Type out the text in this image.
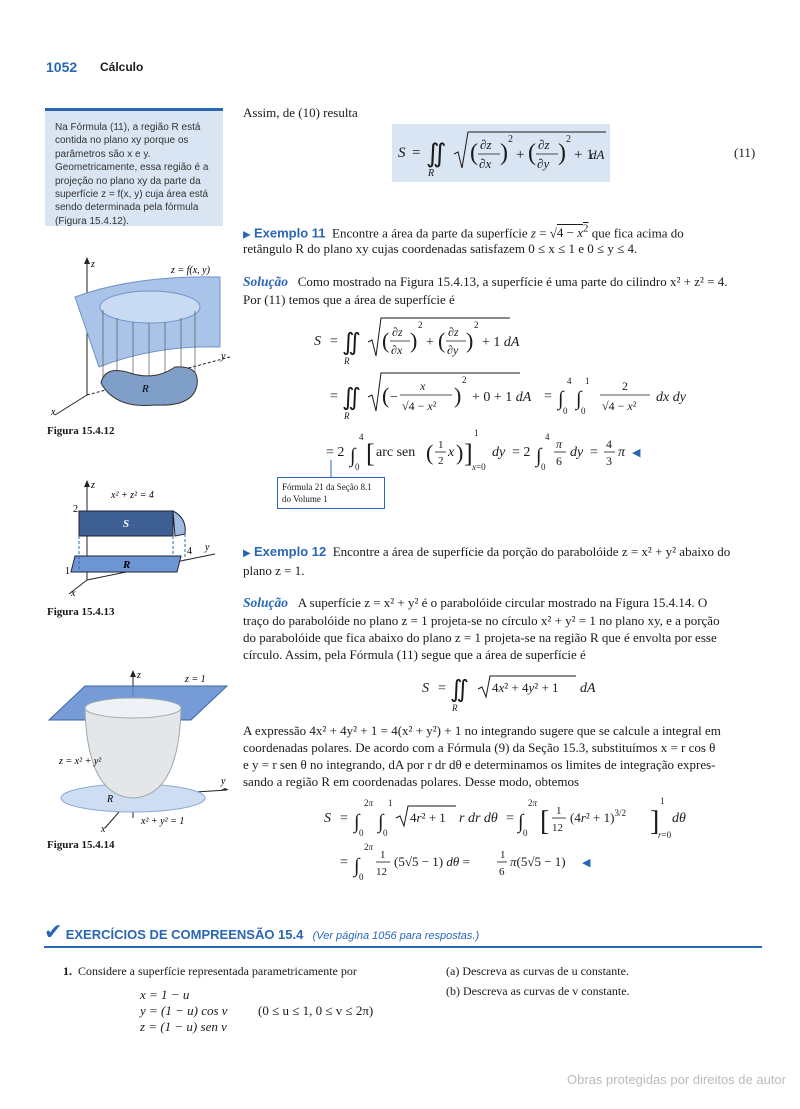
1052 Cálculo
Na Fórmula (11), a região R está contida no plano xy porque os parâmetros são x e y. Geometricamente, essa região é a projeção no plano xy da parte da superfície z = f(x, y) cuja área está sendo determinada pela fórmula (Figura 15.4.12).
Assim, de (10) resulta
S = ∬
R
( ∂z
∂x )
2
+ ( ∂z
∂y )
2
+ 1
dA	(11)
R
z = f(x, y)
z
y
x
Figura 15.4.12
▶ Exemplo 11 Encontre a área da parte da superfície $z = √4 - x^2$ que fica acima do
retângulo R do plano xy cujas coordenadas satisfazem 0 ≤ x ≤ 1 e 0 ≤ y ≤ 4.
Solução Como mostrado na Figura 15.4.13, a superfície é uma parte do cilindro x² + z² = 4.
Por (11) temos que a área de superfície é
S = ∬
R
( ∂z
∂x )
2
+ ( ∂z
∂y )
2
+ 1 dA
= ∬
R
( −
x
√4 − x² )
2
+ 0 + 1 dA = ∫
4
0
∫
1
0
2
√4 − x²
dx dy
= 2 ∫
4
0 [ arc sen ( 1
2
x ) ]
1
x=0
dy = 2 ∫
4
0
π
6
dy =
4
3
π ◀
Fórmula 21 da Seção 8.1 do Volume 1
x² + z² = 4
S
R
2
4
1
z
y
x
Figura 15.4.13
▶ Exemplo 12 Encontre a área de superfície da porção do parabolóide z = x² + y² abaixo do
plano z = 1.
Solução A superfície z = x² + y² é o parabolóide circular mostrado na Figura 15.4.14. O
traço do parabolóide no plano z = 1 projeta-se no círculo x² + y² = 1 no plano xy, e a porção
do parabolóide que fica abaixo do plano z = 1 projeta-se na região R que é envolta por esse
círculo. Assim, pela Fórmula (11) segue que a área de superfície é
S = ∬
R
4x² + 4y² + 1 dA
A expressão 4x² + 4y² + 1 = 4(x² + y²) + 1 no integrando sugere que se calcule a integral em
coordenadas polares. De acordo com a Fórmula (9) da Seção 15.3, substituímos x = r cos θ
e y = r sen θ no integrando, dA por r dr dθ e determinamos os limites de integração expres-
sando a região R em coordenadas polares. Desse modo, obtemos
S = ∫
2π
0 ∫
1
0
4r² + 1 r dr dθ = ∫
2π
0 [ 1
12
$(4r^2 + 1)^{3/2}$ ]
1
r=0
dθ
= ∫
2π
0
1
12
(5√5 − 1) dθ =	1
6
π(5√5 − 1) ◀
z = 1
z = x² + y²
R
x² + y² = 1
z
y
x
Figura 15.4.14
✔ EXERCÍCIOS DE COMPREENSÃO 15.4 (Ver página 1056 para respostas.)
1. Considere a superfície representada parametricamente por
x = 1 − u
y = (1 − u) cos v (0 ≤ u ≤ 1, 0 ≤ v ≤ 2π)
z = (1 − u) sen v
(a) Descreva as curvas de u constante.
(b) Descreva as curvas de v constante.
Obras protegidas por direitos de autor
